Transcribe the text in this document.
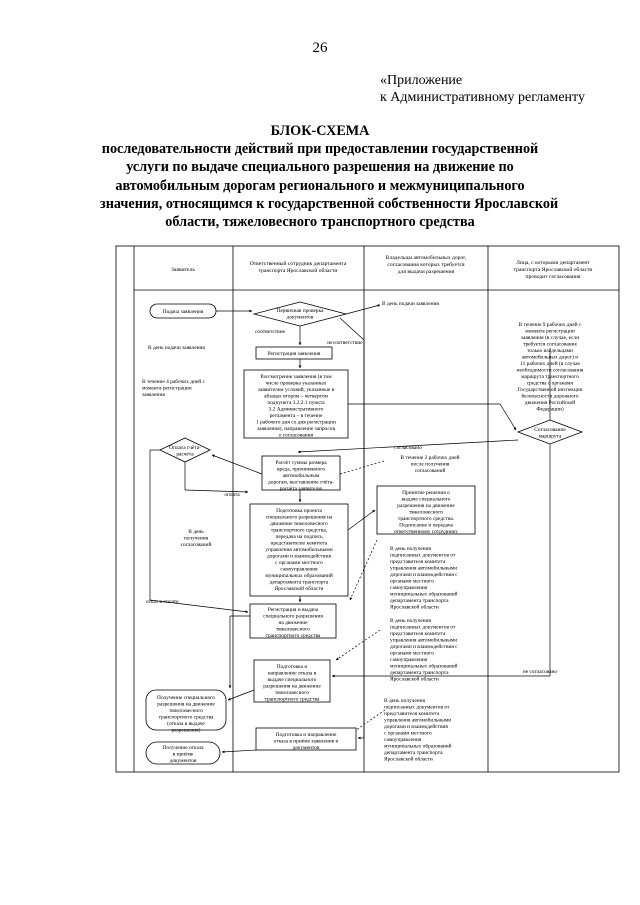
26
«Приложение
к Административному регламенту
БЛОК-СХЕМА
последовательности действий при предоставлении государственной
услуги по выдаче специального разрешения на движение по
автомобильным дорогам регионального и межмуниципального
значения, относящимся к государственной собственности Ярославской
области, тяжеловесного транспортного средства
Заявитель
Ответственный сотрудник департамента
транспорта Ярославской области
Владельцы автомобильных дорог,
согласования которых требуется
для выдачи разрешения
Лица, с которыми департамент
транспорта Ярославской области
проводит согласования
Подача заявления	Первичная проверка
документов
соответствие
несоответствие
В день подачи заявления
В день подачи заявления
Регистрация заявления
В течение 4 рабочих дней с
момента регистрации
заявления
Рассмотрение заявления (в том
числе проверка указанных
заявителем условий, указанные в
абзацах втором – четвертом
подпункта 3.2.2.1 пункта
3.2 Административного
регламента – в течение
1 рабочего дня со дня регистрации
заявления), направление запросов
о согласовании
В течение 9 рабочих дней с
момента регистрации
заявления (в случае, если
требуется согласование
только владельцами
автомобильных дорог) и
11 рабочих дней (в случае
необходимости согласования
маршрута транспортного
средства с органами
Государственной инспекции
безопасности дорожного
движения Российской
Федерации)
Согласование
маршрута
согласовано
Оплата счёта-
расчёта
Расчёт суммы размера
вреда, причиняемого
автомобильным
дорогам, выставление счёта-
расчёта заявителю
В течение 2 рабочих дней
после получения
согласований
оплата	Принятие решения о
выдаче специального
разрешения на движение
тяжеловесного
транспортного средства.
Подписание и передача
ответственному сотруднику
В день
получения
согласований
Подготовка проекта
специального разрешения на
движение тяжеловесного
транспортного средства,
передача на подпись
представителю комитета
управления автомобильными
дорогами и взаимодействия
с органами местного
самоуправления
муниципальных образований
департамента транспорта
Ярославской области
В день получения
подписанных документов от
представителя комитета
управления автомобильными
дорогами и взаимодействия с
органами местного
самоуправления
муниципальных образований
департамента транспорта
Ярославской области
отказ в оплате
Регистрация и выдача
специального разрешения
на движение
тяжеловесного
транспортного средства
В день получения
подписанных документов от
представителя комитета
управления автомобильными
дорогами и взаимодействия с
органами местного
самоуправления
муниципальных образований
департамента транспорта
Ярославской области
Подготовка и
направление отказа в
выдаче специального
разрешения на движение
тяжеловесного
транспортного средства
не согласовано
Получение специального
разрешения на движение
тяжеловесного
транспортного средства
(отказа в выдаче
разрешения)
В день получения
подписанных документов от
представителя комитета
управления автомобильными
дорогами и взаимодействия
с органами местного
самоуправления
муниципальных образований
департамента транспорта
Ярославской области
Подготовка и направление
отказа в приёме заявления и
документов
Получение отказа
в приёме
документов
